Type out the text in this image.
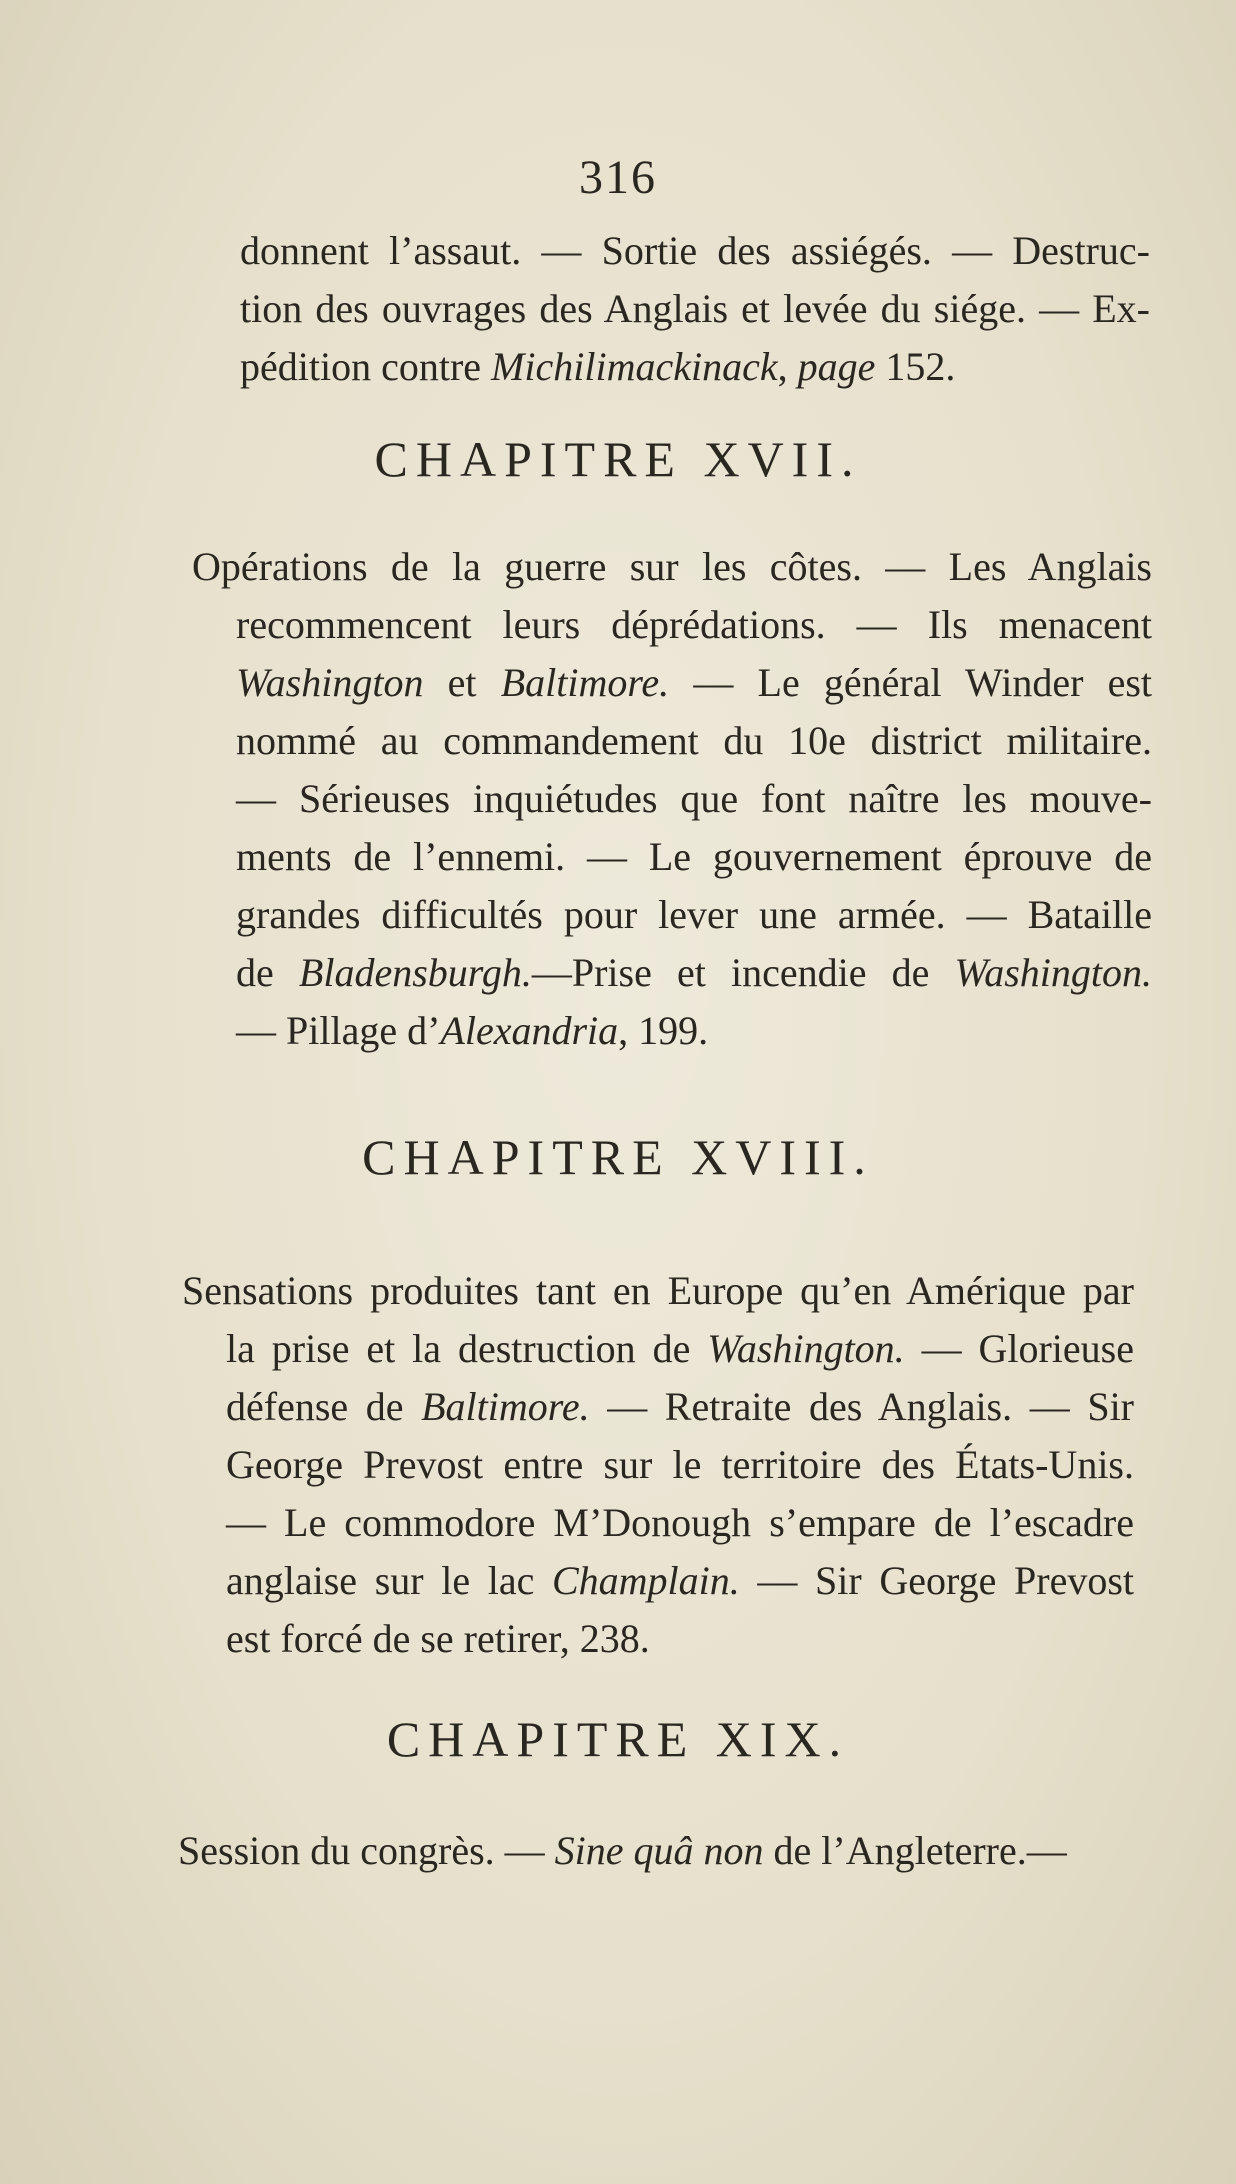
316
donnent l’assaut. — Sortie des assiégés. — Destruc-
tion des ouvrages des Anglais et levée du siége. — Ex-
pédition contre Michilimackinack, page 152.
CHAPITRE XVII.
Opérations de la guerre sur les côtes. — Les Anglais
recommencent leurs déprédations. — Ils menacent
Washington et Baltimore. — Le général Winder est
nommé au commandement du 10e district militaire.
— Sérieuses inquiétudes que font naître les mouve-
ments de l’ennemi. — Le gouvernement éprouve de
grandes difficultés pour lever une armée. — Bataille
de Bladensburgh.—Prise et incendie de Washington.
— Pillage d’Alexandria, 199.
CHAPITRE XVIII.
Sensations produites tant en Europe qu’en Amérique par
la prise et la destruction de Washington. — Glorieuse
défense de Baltimore. — Retraite des Anglais. — Sir
George Prevost entre sur le territoire des États-Unis.
— Le commodore M’Donough s’empare de l’escadre
anglaise sur le lac Champlain. — Sir George Prevost
est forcé de se retirer, 238.
CHAPITRE XIX.
Session du congrès. — Sine quâ non de l’Angleterre.—
